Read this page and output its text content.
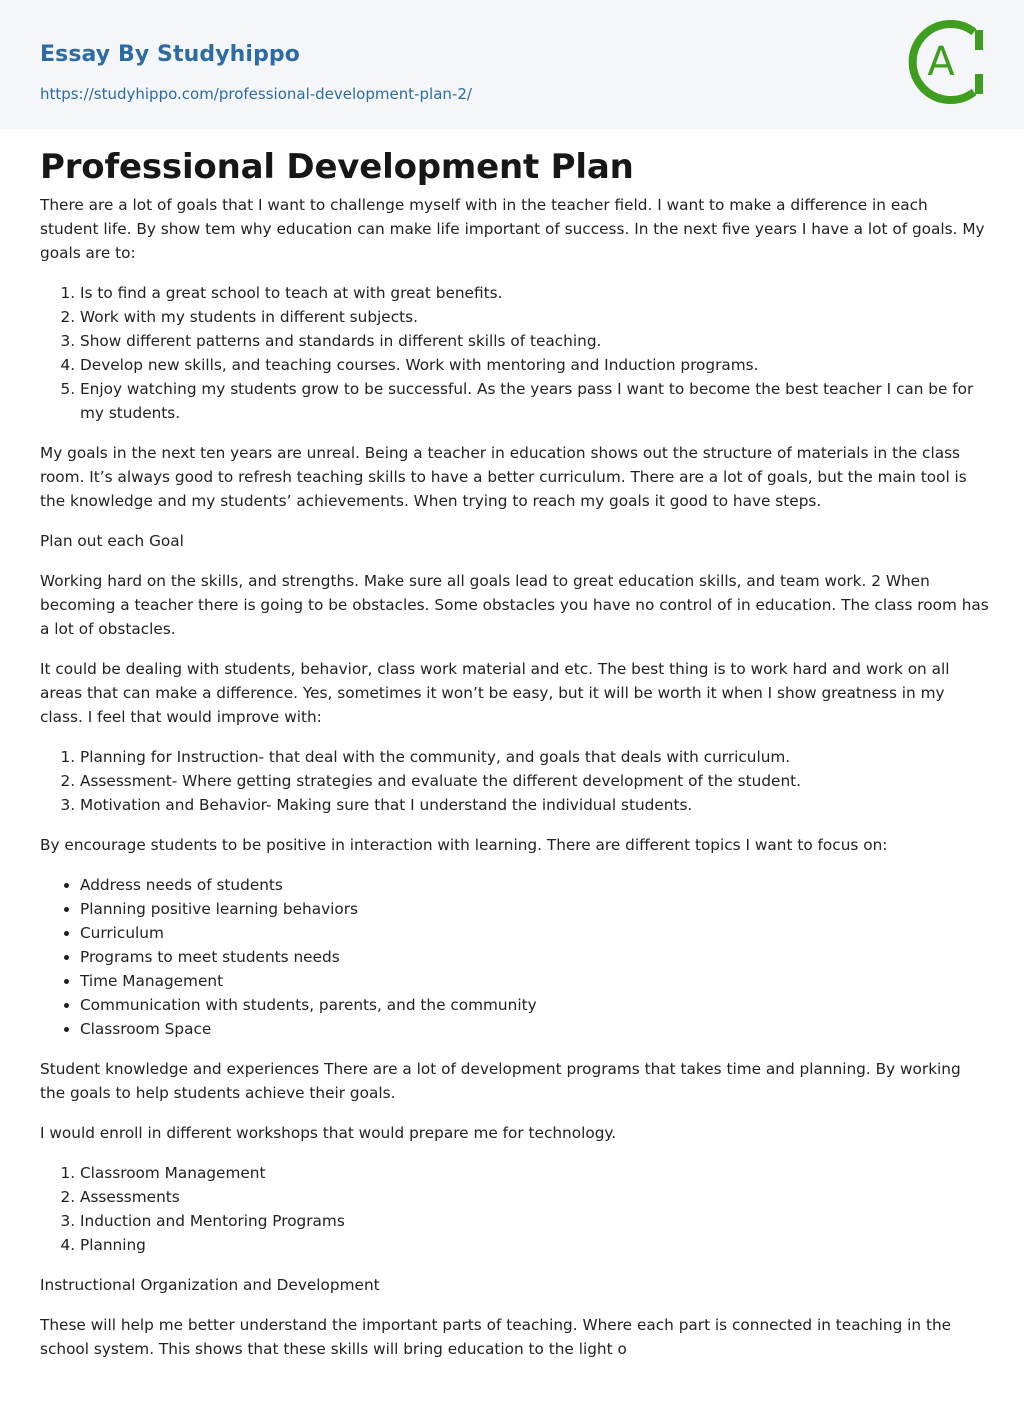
Essay By Studyhippo
https://studyhippo.com/professional-development-plan-2/
A
Professional Development Plan

There are a lot of goals that I want to challenge myself with in the teacher field. I want to make a difference in each student life. By show tem why education can make life important of success. In the next five years I have a lot of goals. My goals are to:

1. Is to find a great school to teach at with great benefits.
2. Work with my students in different subjects.
3. Show different patterns and standards in different skills of teaching.
4. Develop new skills, and teaching courses. Work with mentoring and Induction programs.
5. Enjoy watching my students grow to be successful. As the years pass I want to become the best teacher I can be for my students.

My goals in the next ten years are unreal. Being a teacher in education shows out the structure of materials in the class room. It’s always good to refresh teaching skills to have a better curriculum. There are a lot of goals, but the main tool is the knowledge and my students’ achievements. When trying to reach my goals it good to have steps.

Plan out each Goal

Working hard on the skills, and strengths. Make sure all goals lead to great education skills, and team work. 2 When becoming a teacher there is going to be obstacles. Some obstacles you have no control of in education. The class room has a lot of obstacles.

It could be dealing with students, behavior, class work material and etc. The best thing is to work hard and work on all areas that can make a difference. Yes, sometimes it won’t be easy, but it will be worth it when I show greatness in my class. I feel that would improve with:

1. Planning for Instruction- that deal with the community, and goals that deals with curriculum.
2. Assessment- Where getting strategies and evaluate the different development of the student.
3. Motivation and Behavior- Making sure that I understand the individual students.

By encourage students to be positive in interaction with learning. There are different topics I want to focus on:

• Address needs of students
• Planning positive learning behaviors
• Curriculum
• Programs to meet students needs
• Time Management
• Communication with students, parents, and the community
• Classroom Space

Student knowledge and experiences There are a lot of development programs that takes time and planning. By working the goals to help students achieve their goals.

I would enroll in different workshops that would prepare me for technology.

1. Classroom Management
2. Assessments
3. Induction and Mentoring Programs
4. Planning

Instructional Organization and Development

These will help me better understand the important parts of teaching. Where each part is connected in teaching in the school system. This shows that these skills will bring education to the light o
